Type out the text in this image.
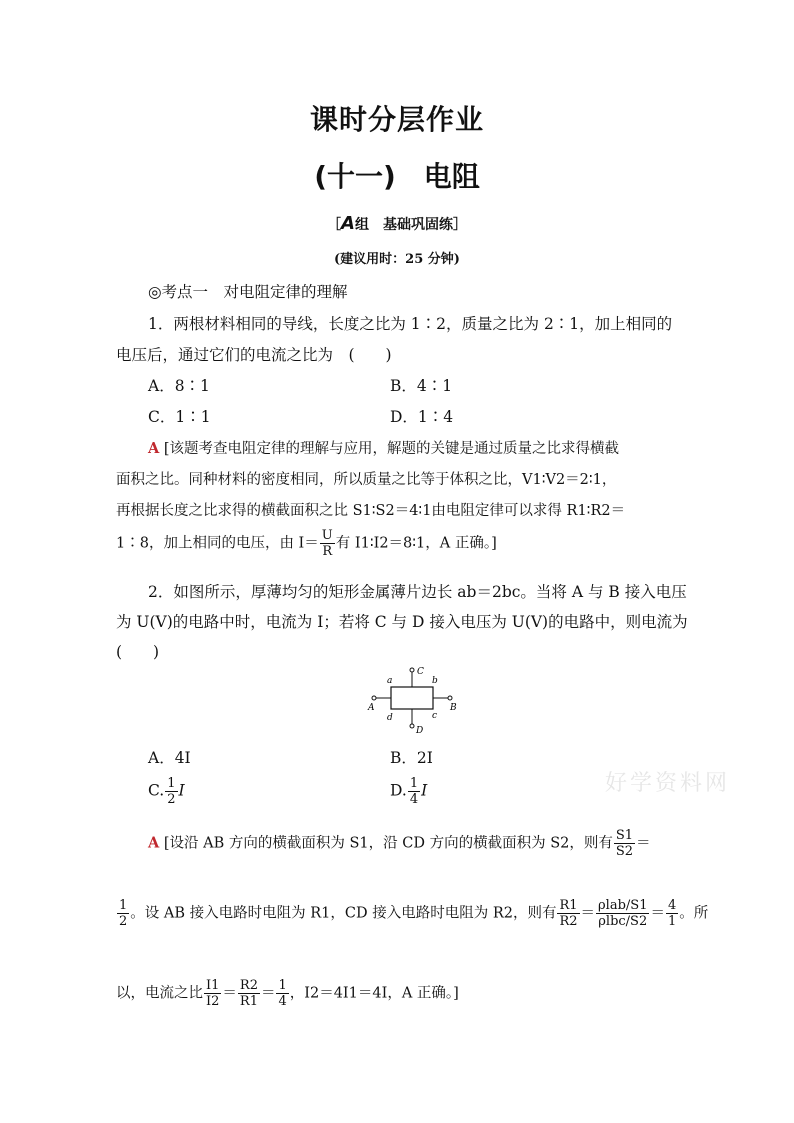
课时分层作业
(十一)　电阻
［A组　基础巩固练］
(建议用时：25 分钟)
◎考点一　对电阻定律的理解
1．两根材料相同的导线，长度之比为 1∶2，质量之比为 2∶1，加上相同的
电压后，通过它们的电流之比为　(　　)
A．8∶1	B．4∶1
C．1∶1	D．1∶4
A [该题考查电阻定律的理解与应用，解题的关键是通过质量之比求得横截
面积之比。同种材料的密度相同，所以质量之比等于体积之比，V1∶V2＝2∶1，
再根据长度之比求得的横截面积之比 S1∶S2＝4∶1由电阻定律可以求得 R1∶R2＝
1∶8，加上相同的电压，由 $I= \frac{U}{R}$ 有 I1∶I2＝8∶1，A 正确。]
2．如图所示，厚薄均匀的矩形金属薄片边长 ab＝2bc。当将 A 与 B 接入电压
为 U(V)的电路中时，电流为 I；若将 C 与 D 接入电压为 U(V)的电路中，则电流为
(　　)
a	b
c
d
A	B
C
D
A．4I	B．2I
C. $\frac{1}{2}$ I	D. $\frac{1}{4}$ I	好学资料网
A [设沿 AB 方向的横截面积为 S1，沿 CD 方向的横截面积为 S2，则有 $\frac{S1}{S2}$ ＝
$\frac{1}{2}$ 。设 AB 接入电路时电阻为 R1，CD 接入电路时电阻为 R2，则有 $\frac{R1}{R2} = \frac{\text{ρlab/S1}}{\text{ρlbc/S2}} = \frac{4}{1}$ 。所
以，电流之比 $\frac{I1}{I2} = \frac{R2}{R1} = \frac{1}{4}$ ，I2＝4I1＝4I，A 正确。]
